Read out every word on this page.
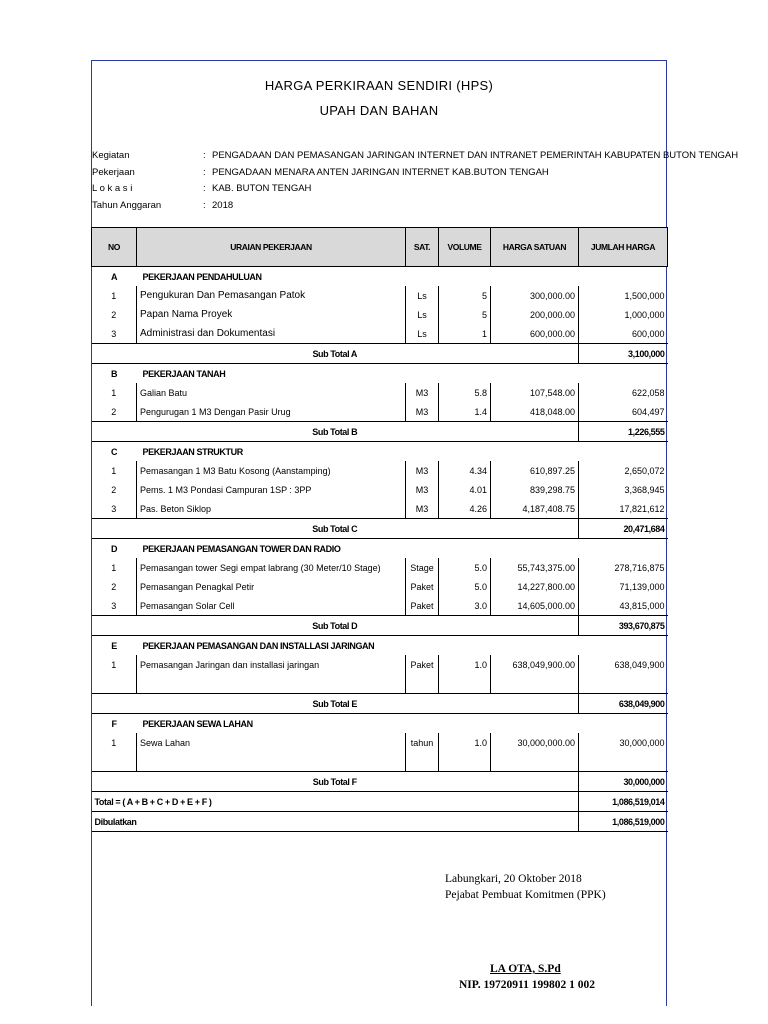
HARGA PERKIRAAN SENDIRI (HPS)
UPAH DAN BAHAN
Kegiatan	: PENGADAAN DAN PEMASANGAN JARINGAN INTERNET DAN INTRANET PEMERINTAH KABUPATEN BUTON TENGAH
Pekerjaan	: PENGADAAN MENARA ANTEN JARINGAN INTERNET KAB.BUTON TENGAH
L o k a s i	: KAB. BUTON TENGAH
Tahun Anggaran	: 2018
NO	URAIAN PEKERJAAN	SAT.	VOLUME	HARGA SATUAN	JUMLAH HARGA
A	PEKERJAAN PENDAHULUAN				
1	Pengukuran Dan Pemasangan Patok	Ls	5	300,000.00	1,500,000
2	Papan Nama Proyek	Ls	5	200,000.00	1,000,000
3	Administrasi dan Dokumentasi	Ls	1	600,000.00	600,000
Sub Total A					3,100,000
B	PEKERJAAN TANAH				
1	Galian Batu	M3	5.8	107,548.00	622,058
2	Pengurugan 1 M3 Dengan Pasir Urug	M3	1.4	418,048.00	604,497
Sub Total B					1,226,555
C	PEKERJAAN STRUKTUR				
1	Pemasangan 1 M3 Batu Kosong (Aanstamping)	M3	4.34	610,897.25	2,650,072
2	Pems. 1 M3 Pondasi Campuran 1SP : 3PP	M3	4.01	839,298.75	3,368,945
3	Pas. Beton Siklop	M3	4.26	4,187,408.75	17,821,612
Sub Total C					20,471,684
D	PEKERJAAN PEMASANGAN TOWER DAN RADIO				
1	Pemasangan tower Segi empat labrang (30 Meter/10 Stage)	Stage	5.0	55,743,375.00	278,716,875
2	Pemasangan Penagkal Petir	Paket	5.0	14,227,800.00	71,139,000
3	Pemasangan Solar Cell	Paket	3.0	14,605,000.00	43,815,000
Sub Total D					393,670,875
E	PEKERJAAN PEMASANGAN DAN INSTALLASI JARINGAN				
1	Pemasangan Jaringan dan installasi jaringan	Paket	1.0	638,049,900.00	638,049,900

Sub Total E					638,049,900
F	PEKERJAAN SEWA LAHAN				
1	Sewa Lahan	tahun	1.0	30,000,000.00	30,000,000

Sub Total F					30,000,000
Total = ( A + B + C + D + E + F )					1,086,519,014
Dibulatkan					1,086,519,000
Labungkari, 20 Oktober 2018
Pejabat Pembuat Komitmen (PPK)
LA OTA, S.Pd
NIP. 19720911 199802 1 002
